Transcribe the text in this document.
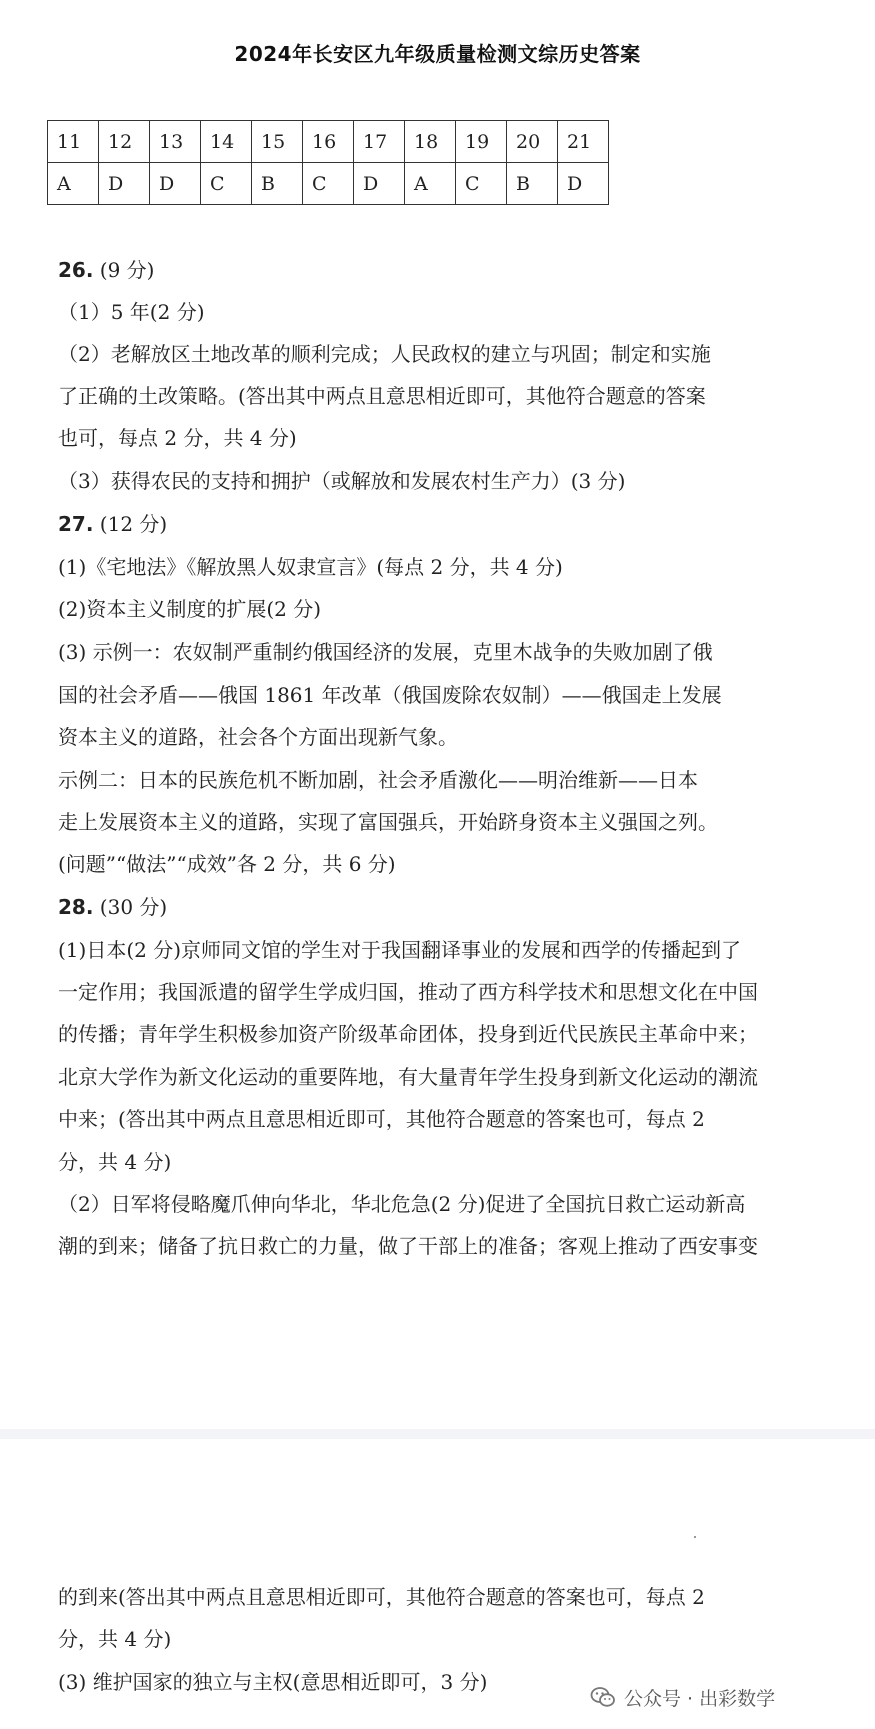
2024年长安区九年级质量检测文综历史答案
11	12	13	14	15	16	17	18	19	20	21
A	D	D	C	B	C	D	A	C	B	D
26. (9 分)
（1）5 年(2 分)
（2）老解放区土地改革的顺利完成；人民政权的建立与巩固；制定和实施
了正确的土改策略。(答出其中两点且意思相近即可，其他符合题意的答案
也可，每点 2 分，共 4 分)
（3）获得农民的支持和拥护（或解放和发展农村生产力）(3 分)
27. (12 分)
(1)《宅地法》《解放黑人奴隶宣言》(每点 2 分，共 4 分)
(2)资本主义制度的扩展(2 分)
(3) 示例一：农奴制严重制约俄国经济的发展，克里木战争的失败加剧了俄
国的社会矛盾——俄国 1861 年改革（俄国废除农奴制）——俄国走上发展
资本主义的道路，社会各个方面出现新气象。
示例二：日本的民族危机不断加剧，社会矛盾激化——明治维新——日本
走上发展资本主义的道路，实现了富国强兵，开始跻身资本主义强国之列。
(问题”“做法”“成效”各 2 分，共 6 分)
28. (30 分)
(1)日本(2 分)京师同文馆的学生对于我国翻译事业的发展和西学的传播起到了
一定作用；我国派遣的留学生学成归国，推动了西方科学技术和思想文化在中国
的传播；青年学生积极参加资产阶级革命团体，投身到近代民族民主革命中来；
北京大学作为新文化运动的重要阵地，有大量青年学生投身到新文化运动的潮流
中来；(答出其中两点且意思相近即可，其他符合题意的答案也可，每点 2
分，共 4 分)
（2）日军将侵略魔爪伸向华北，华北危急(2 分)促进了全国抗日救亡运动新高
潮的到来；储备了抗日救亡的力量，做了干部上的准备；客观上推动了西安事变
的到来(答出其中两点且意思相近即可，其他符合题意的答案也可，每点 2
分，共 4 分)
(3) 维护国家的独立与主权(意思相近即可，3 分)
公众号 · 出彩数学
